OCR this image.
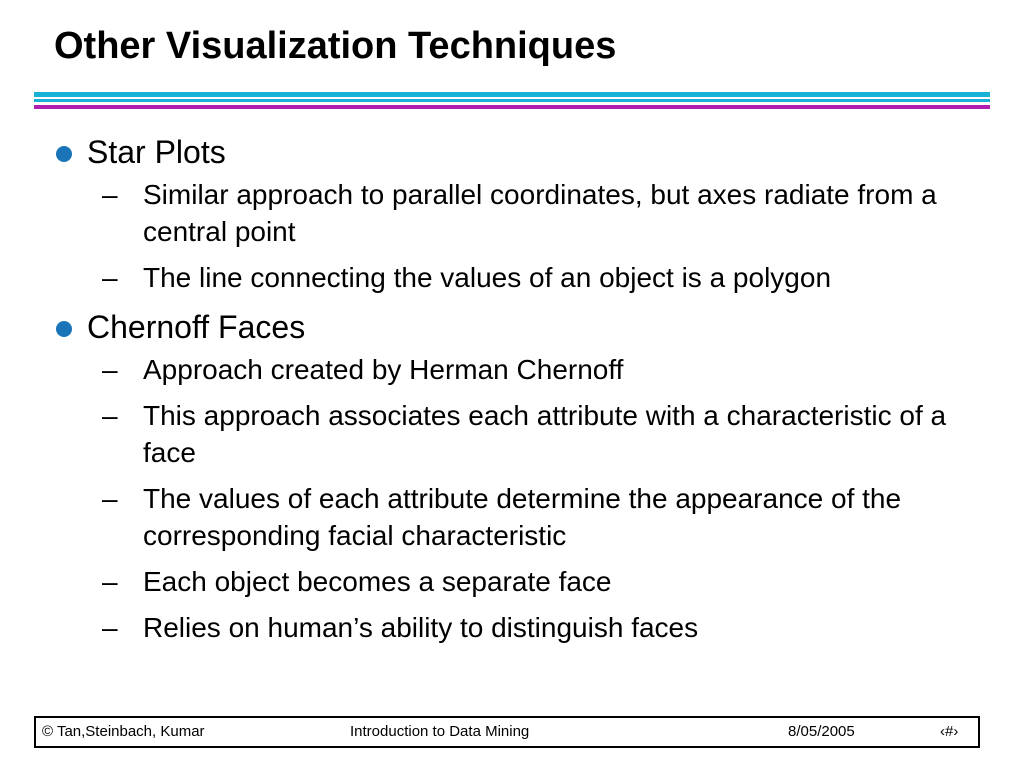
Other Visualization Techniques
Star Plots
– Similar approach to parallel coordinates, but axes radiate from a central point
– The line connecting the values of an object is a polygon
Chernoff Faces
– Approach created by Herman Chernoff
– This approach associates each attribute with a characteristic of a face
– The values of each attribute determine the appearance of the corresponding facial characteristic
– Each object becomes a separate face
– Relies on human’s ability to distinguish faces
© Tan,Steinbach, Kumar	Introduction to Data Mining	8/05/2005	‹#›
